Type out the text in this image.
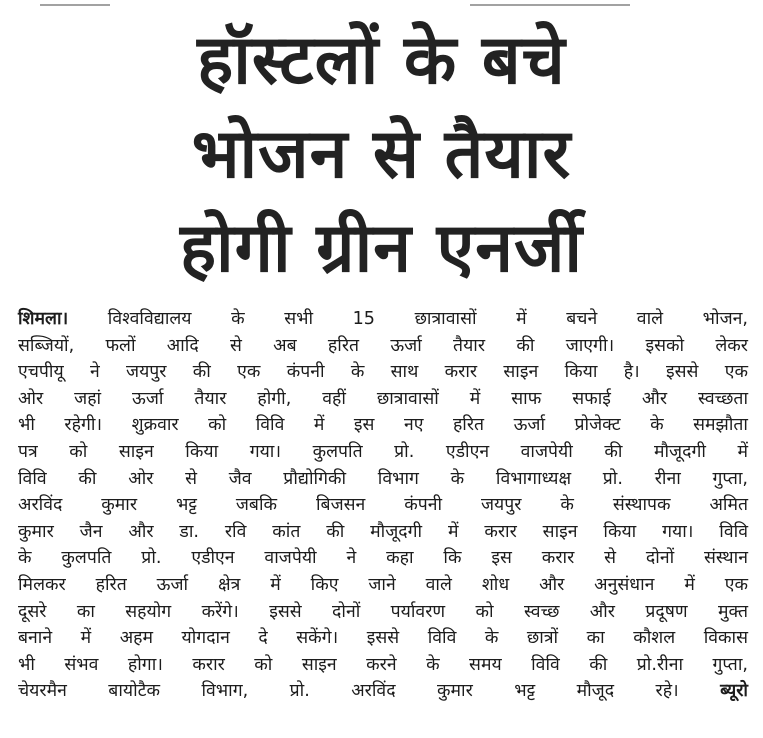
हॉस्टलों के बचे
भोजन से तैयार
होगी ग्रीन एनर्जी
शिमला। विश्वविद्यालय के सभी 15 छात्रावासों में बचने वाले भोजन,
सब्जियों, फलों आदि से अब हरित ऊर्जा तैयार की जाएगी। इसको लेकर
एचपीयू ने जयपुर की एक कंपनी के साथ करार साइन किया है। इससे एक
ओर जहां ऊर्जा तैयार होगी, वहीं छात्रावासों में साफ सफाई और स्वच्छता
भी रहेगी। शुक्रवार को विवि में इस नए हरित ऊर्जा प्रोजेक्ट के समझौता
पत्र को साइन किया गया। कुलपति प्रो. एडीएन वाजपेयी की मौजूदगी में
विवि की ओर से जैव प्रौद्योगिकी विभाग के विभागाध्यक्ष प्रो. रीना गुप्ता,
अरविंद कुमार भट्ट जबकि बिजसन कंपनी जयपुर के संस्थापक अमित
कुमार जैन और डा. रवि कांत की मौजूदगी में करार साइन किया गया। विवि
के कुलपति प्रो. एडीएन वाजपेयी ने कहा कि इस करार से दोनों संस्थान
मिलकर हरित ऊर्जा क्षेत्र में किए जाने वाले शोध और अनुसंधान में एक
दूसरे का सहयोग करेंगे। इससे दोनों पर्यावरण को स्वच्छ और प्रदूषण मुक्त
बनाने में अहम योगदान दे सकेंगे। इससे विवि के छात्रों का कौशल विकास
भी संभव होगा। करार को साइन करने के समय विवि की प्रो.रीना गुप्ता,
चेयरमैन बायोटैक विभाग, प्रो. अरविंद कुमार भट्ट मौजूद रहे। ब्यूरो
